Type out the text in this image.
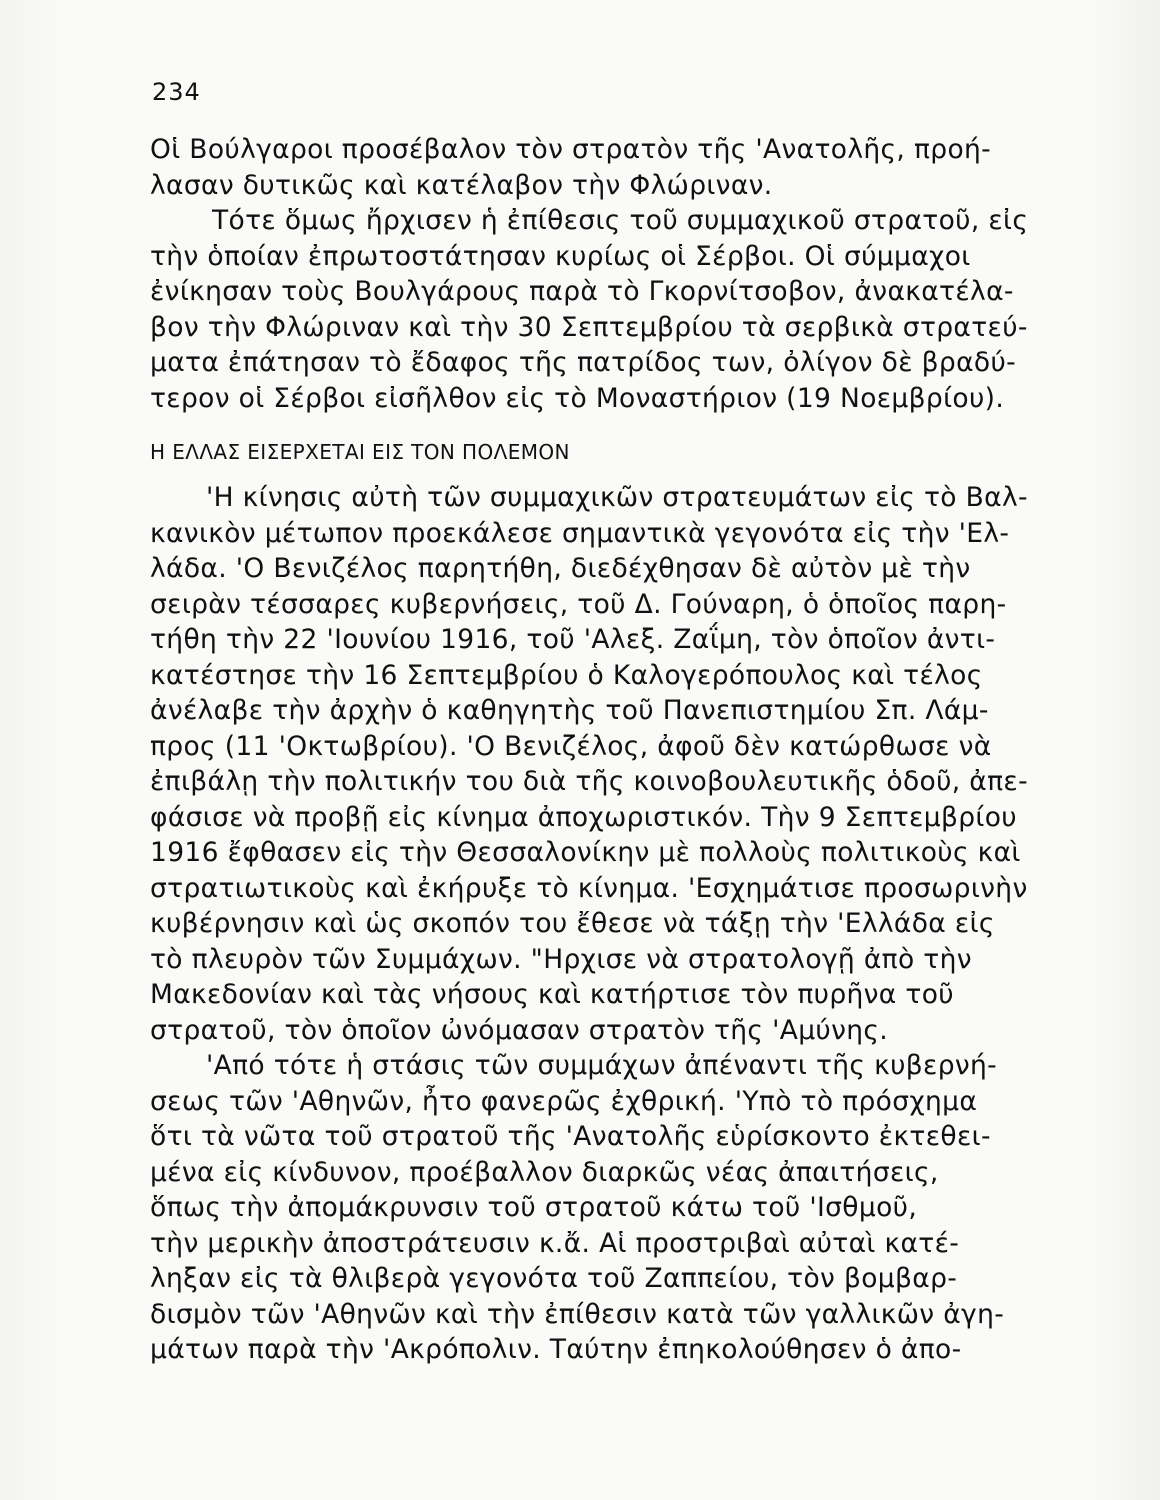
234
Οἱ Βούλγαροι προσέβαλον τὸν στρατὸν τῆς 'Ανατολῆς, προή-
λασαν δυτικῶς καὶ κατέλαβον τὴν Φλώριναν.
Τότε ὅμως ἤρχισεν ἡ ἐπίθεσις τοῦ συμμαχικοῦ στρατοῦ, εἰς
τὴν ὁποίαν ἐπρωτοστάτησαν κυρίως οἱ Σέρβοι. Οἱ σύμμαχοι
ἐνίκησαν τοὺς Βουλγάρους παρὰ τὸ Γκορνίτσοβον, ἀνακατέλα-
βον τὴν Φλώριναν καὶ τὴν 30 Σεπτεμβρίου τὰ σερβικὰ στρατεύ-
ματα ἐπάτησαν τὸ ἔδαφος τῆς πατρίδος των, ὀλίγον δὲ βραδύ-
τερον οἱ Σέρβοι εἰσῆλθον εἰς τὸ Μοναστήριον (19 Νοεμβρίου).
Η ΕΛΛΑΣ ΕΙΣΕΡΧΕΤΑΙ ΕΙΣ ΤΟΝ ΠΟΛΕΜΟΝ
'Η κίνησις αὐτὴ τῶν συμμαχικῶν στρατευμάτων εἰς τὸ Βαλ-
κανικὸν μέτωπον προεκάλεσε σημαντικὰ γεγονότα εἰς τὴν 'Ελ-
λάδα. 'Ο Βενιζέλος παρητήθη, διεδέχθησαν δὲ αὐτὸν μὲ τὴν
σειρὰν τέσσαρες κυβερνήσεις, τοῦ Δ. Γούναρη, ὁ ὁποῖος παρη-
τήθη τὴν 22 'Ιουνίου 1916, τοῦ 'Αλεξ. Ζαΐμη, τὸν ὁποῖον ἀντι-
κατέστησε τὴν 16 Σεπτεμβρίου ὁ Καλογερόπουλος καὶ τέλος
ἀνέλαβε τὴν ἀρχὴν ὁ καθηγητὴς τοῦ Πανεπιστημίου Σπ. Λάμ-
προς (11 'Οκτωβρίου). 'Ο Βενιζέλος, ἀφοῦ δὲν κατώρθωσε νὰ
ἐπιβάλῃ τὴν πολιτικήν του διὰ τῆς κοινοβουλευτικῆς ὁδοῦ, ἀπε-
φάσισε νὰ προβῇ εἰς κίνημα ἀποχωριστικόν. Τὴν 9 Σεπτεμβρίου
1916 ἔφθασεν εἰς τὴν Θεσσαλονίκην μὲ πολλοὺς πολιτικοὺς καὶ
στρατιωτικοὺς καὶ ἐκήρυξε τὸ κίνημα. 'Εσχημάτισε προσωρινὴν
κυβέρνησιν καὶ ὡς σκοπόν του ἔθεσε νὰ τάξῃ τὴν 'Ελλάδα εἰς
τὸ πλευρὸν τῶν Συμμάχων. "Ηρχισε νὰ στρατολογῇ ἀπὸ τὴν
Μακεδονίαν καὶ τὰς νήσους καὶ κατήρτισε τὸν πυρῆνα τοῦ
στρατοῦ, τὸν ὁποῖον ὠνόμασαν στρατὸν τῆς 'Αμύνης.
'Από τότε ἡ στάσις τῶν συμμάχων ἀπέναντι τῆς κυβερνή-
σεως τῶν 'Αθηνῶν, ἦτο φανερῶς ἐχθρική. 'Υπὸ τὸ πρόσχημα
ὅτι τὰ νῶτα τοῦ στρατοῦ τῆς 'Ανατολῆς εὑρίσκοντο ἐκτεθει-
μένα εἰς κίνδυνον, προέβαλλον διαρκῶς νέας ἀπαιτήσεις,
ὅπως τὴν ἀπομάκρυνσιν τοῦ στρατοῦ κάτω τοῦ 'Ισθμοῦ,
τὴν μερικὴν ἀποστράτευσιν κ.ἄ. Αἱ προστριβαὶ αὐταὶ κατέ-
ληξαν εἰς τὰ θλιβερὰ γεγονότα τοῦ Ζαππείου, τὸν βομβαρ-
δισμὸν τῶν 'Αθηνῶν καὶ τὴν ἐπίθεσιν κατὰ τῶν γαλλικῶν ἀγη-
μάτων παρὰ τὴν 'Ακρόπολιν. Ταύτην ἐπηκολούθησεν ὁ ἀπο-
